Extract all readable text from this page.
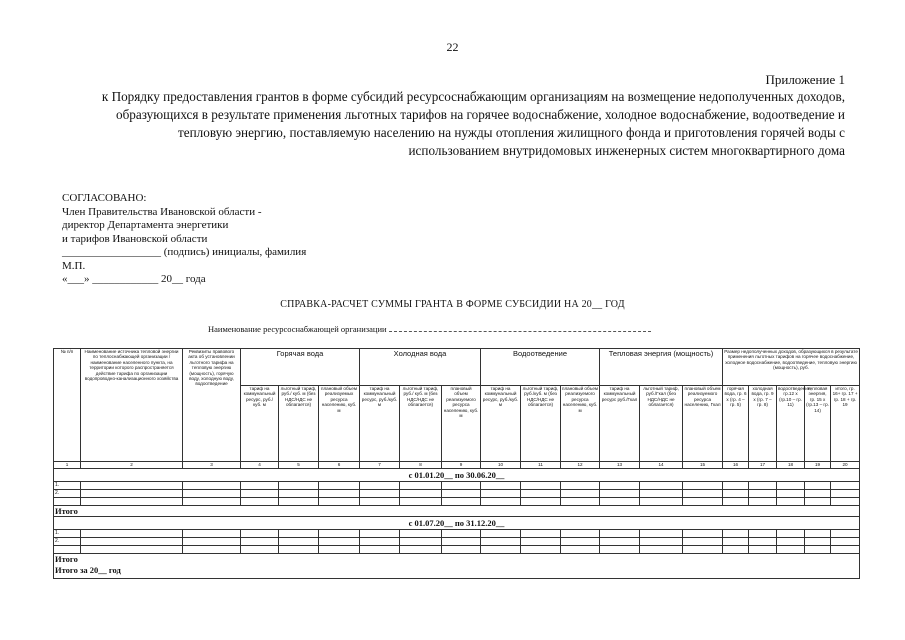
22
Приложение 1
к Порядку предоставления грантов в форме субсидий ресурсоснабжающим организациям на возмещение недополученных доходов, образующихся в результате применения льготных тарифов на горячее водоснабжение, холодное водоснабжение, водоотведение и тепловую энергию, поставляемую населению на нужды отопления жилищного фонда и приготовления горячей воды с использованием внутридомовых инженерных систем многоквартирного дома
СОГЛАСОВАНО:
Член Правительства Ивановской области -
директор Департамента энергетики
и тарифов Ивановской области
__________________ (подпись) инициалы, фамилия
М.П.
«___» ____________ 20__ года
СПРАВКА-РАСЧЕТ СУММЫ ГРАНТА В ФОРМЕ СУБСИДИИ НА 20__ ГОД
Наименование ресурсоснабжающей организации
№ п/п	Наименование источника тепловой энергии по теплоснабжающей организации / наименование населенного пункта, на территории которого распространяется действие тарифа по организации водопроводно-канализационного хозяйства	Реквизиты правового акта об установлении льготного тарифа на тепловую энергию (мощность), горячую воду, холодную воду, водоотведение	Горячая вода			Холодная вода			Водоотведение			Тепловая энергия (мощность)			Размер недополученных доходов, образующихся в результате применения льготных тарифов на горячее водоснабжение, холодное водоснабжение, водоотведение, тепловую энергию (мощность), руб.				
			тариф на коммунальный ресурс, руб./куб. м	льготный тариф, руб./ куб. м (без НДС/НДС не облагается)	плановый объем реализуемых ресурса населению, куб. м	тариф на коммунальный ресурс, руб./куб. м	льготный тариф, руб./ куб. м (без НДС/НДС не облагается)	плановый объем реализуемого ресурса населению, куб. м	тариф на коммунальный ресурс, руб./куб. м	льготный тариф, руб./куб. м (без НДС/НДС не облагается)	плановый объем реализуемого ресурса населению, куб. м	тариф на коммунальный ресурс руб./Гкал	льготный тариф, руб./Гкал (без НДС/НДС не облагается)	плановый объем реализуемого ресурса населению, Гкал	горячая вода, гр. 6 x (гр. 4 – гр. 5)	холодная вода, гр. 9 x (гр. 7 – гр. 8)	водоотведение, гр.12 x (гр.10 – гр. 11)	тепловая энергия, гр. 15 x (гр.13 – гр. 14)	итого, гр. 16+ гр. 17 + гр. 18 + гр. 19
1	2	3	4	5	6	7	8	9	10	11	12	13	14	15	16	17	18	19	20
с 01.01.20__ по 30.06.20__																			
1.																			
2.																			

Итого																			
с 01.07.20__ по 31.12.20__																			
1.																			
2.																			

Итого
Итого за 20__ год																			
